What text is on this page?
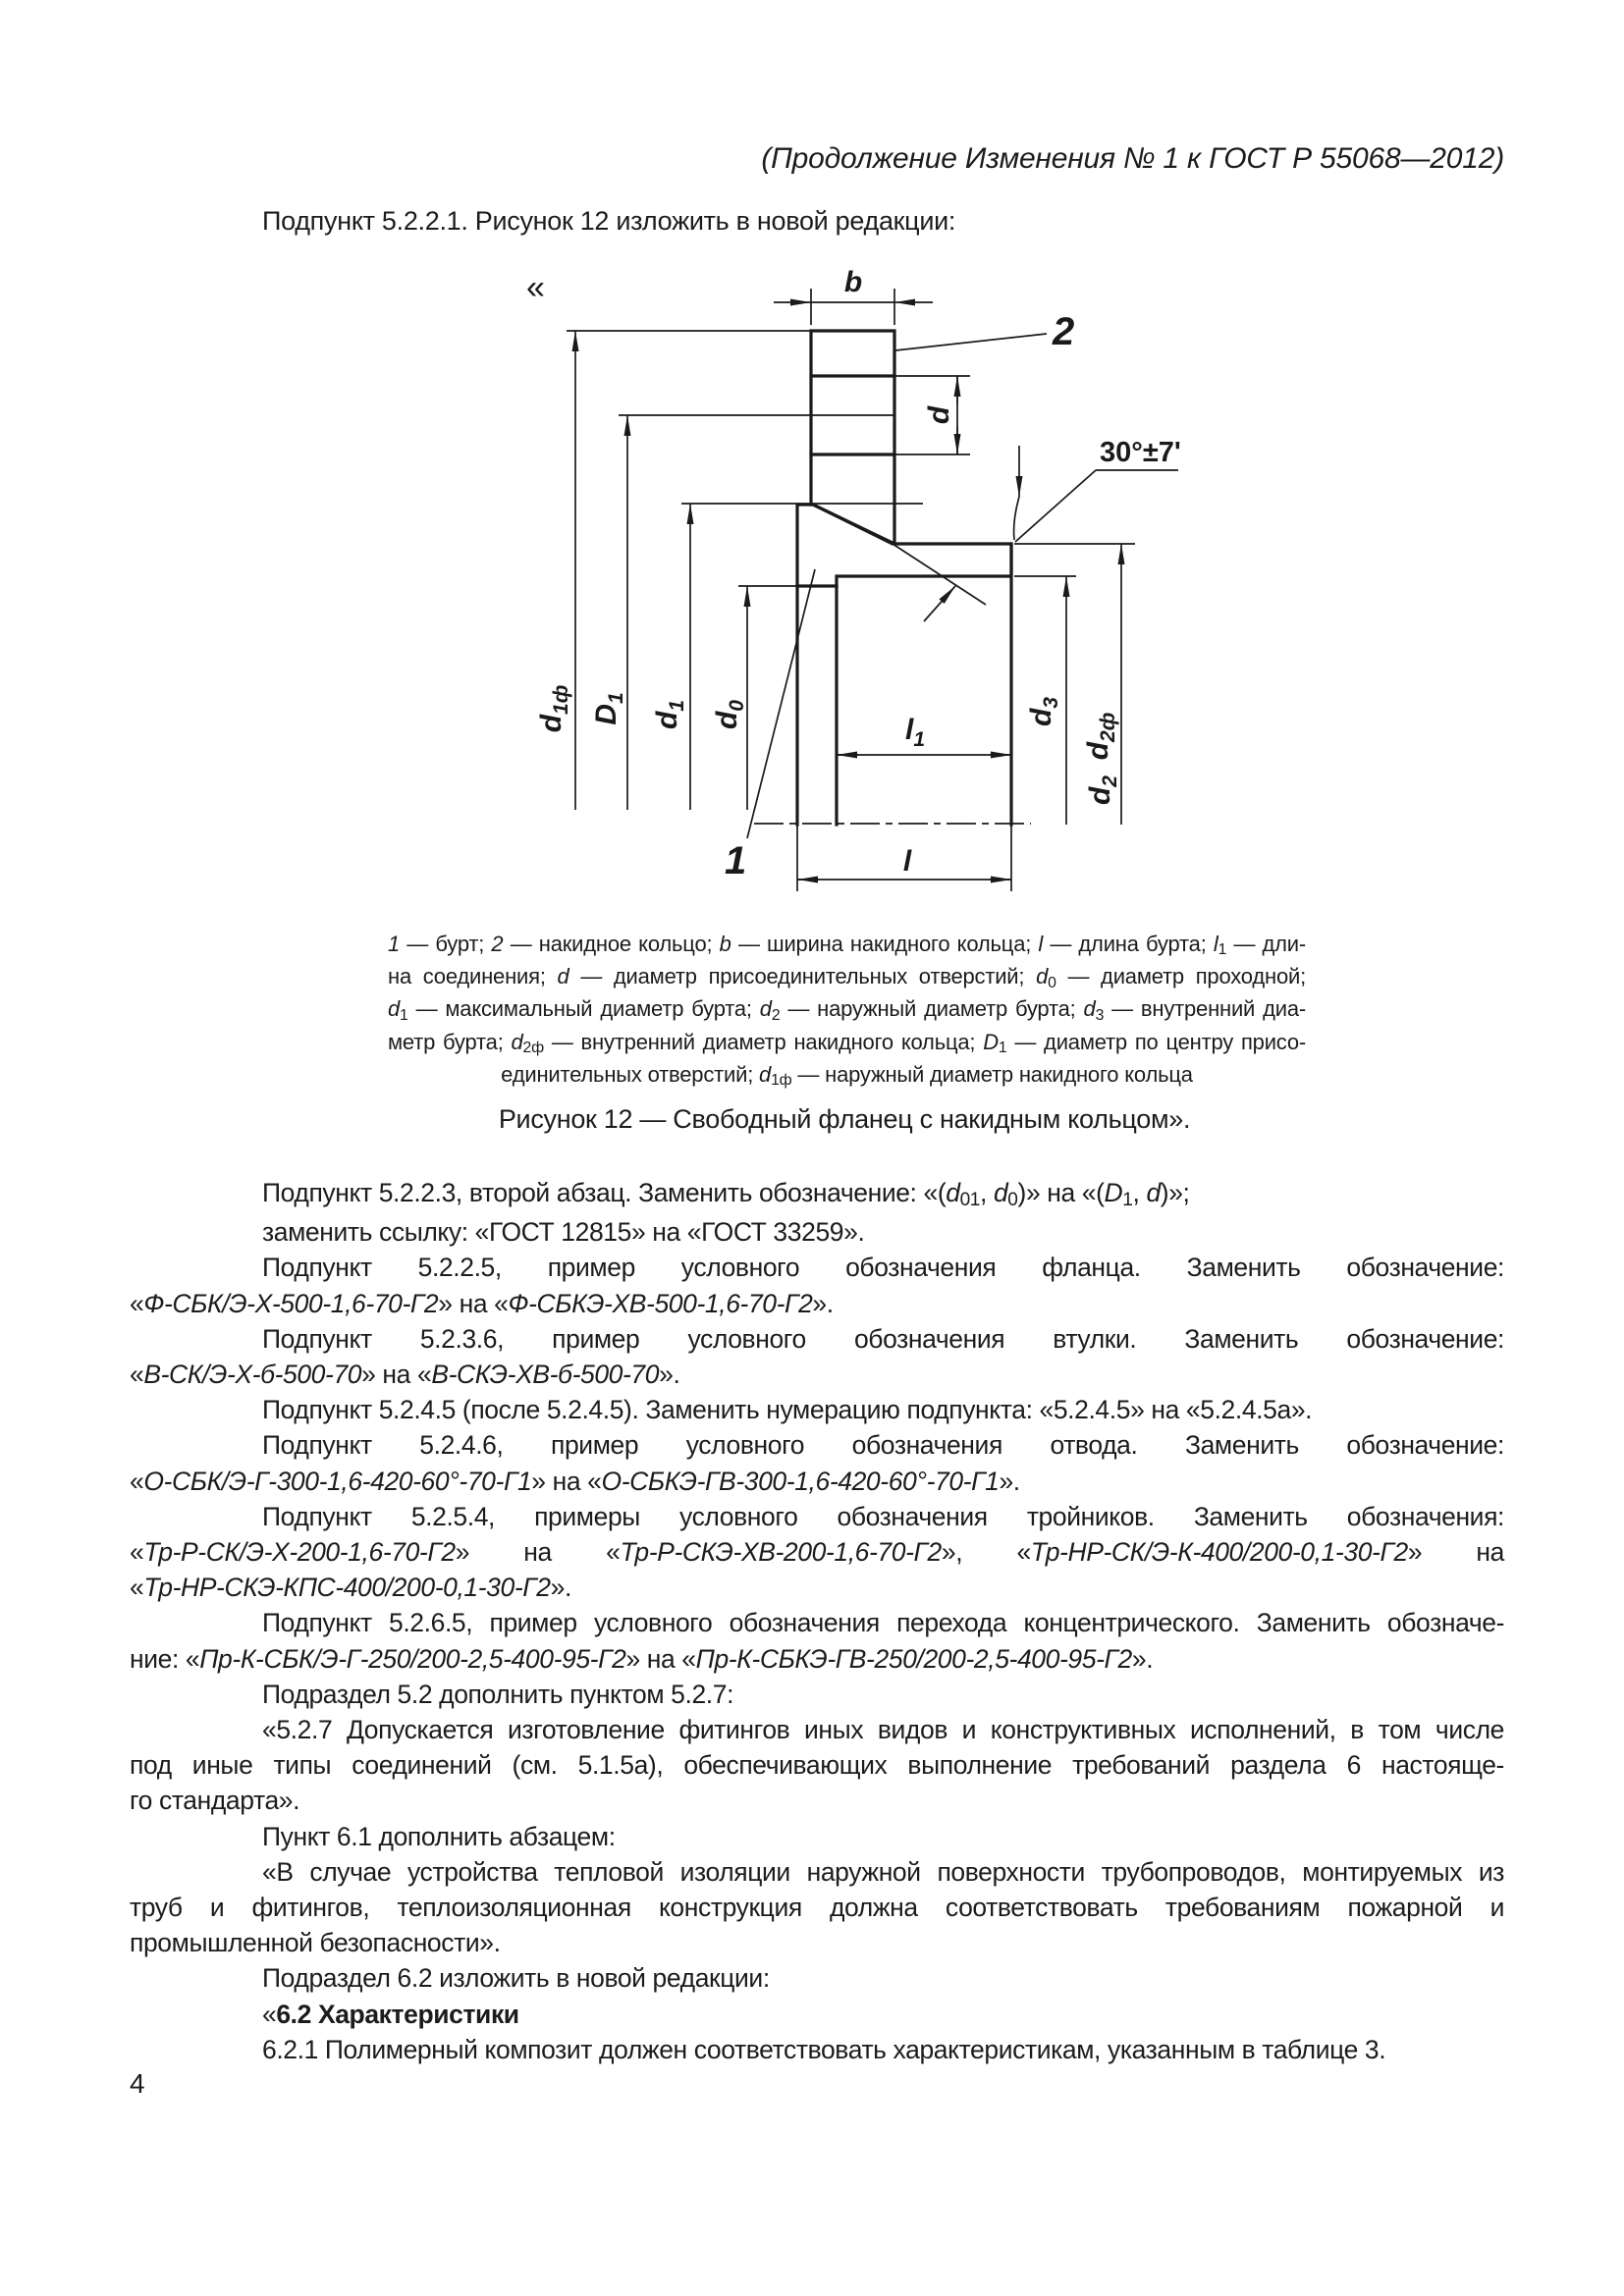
(Продолжение Изменения № 1 к ГОСТ Р 55068—2012)
Подпункт 5.2.2.1. Рисунок 12 изложить в новой редакции:
«	b
d
$d_{1ф}$ $D_1$
$d_1$
$d_0$
$d_3$
$d_{2ф}$
$d_2$
$l_1$
l
30°±7'
2
1
1 — бурт; 2 — накидное кольцо; b — ширина накидного кольца; l — длина бурта; l1 — дли-
на соединения; d — диаметр присоединительных отверстий; d0 — диаметр проходной;
d1 — максимальный диаметр бурта; d2 — наружный диаметр бурта; d3 — внутренний диа-
метр бурта; d2ф — внутренний диаметр накидного кольца; D1 — диаметр по центру присо-
единительных отверстий; d1ф — наружный диаметр накидного кольца
Рисунок 12 — Свободный фланец с накидным кольцом».
Подпункт 5.2.2.3, второй абзац. Заменить обозначение: «(d01, d0)» на «(D1, d)»;
заменить ссылку: «ГОСТ 12815» на «ГОСТ 33259».
Подпункт 5.2.2.5, пример условного обозначения фланца. Заменить обозначение:
«Ф-СБК/Э-Х-500-1,6-70-Г2» на «Ф-СБКЭ-ХВ-500-1,6-70-Г2».
Подпункт 5.2.3.6, пример условного обозначения втулки. Заменить обозначение:
«В-СК/Э-Х-б-500-70» на «В-СКЭ-ХВ-б-500-70».
Подпункт 5.2.4.5 (после 5.2.4.5). Заменить нумерацию подпункта: «5.2.4.5» на «5.2.4.5а».
Подпункт 5.2.4.6, пример условного обозначения отвода. Заменить обозначение:
«О-СБК/Э-Г-300-1,6-420-60°-70-Г1» на «О-СБКЭ-ГВ-300-1,6-420-60°-70-Г1».
Подпункт 5.2.5.4, примеры условного обозначения тройников. Заменить обозначения:
«Тр-Р-СК/Э-Х-200-1,6-70-Г2» на «Тр-Р-СКЭ-ХВ-200-1,6-70-Г2», «Тр-НР-СК/Э-К-400/200-0,1-30-Г2» на
«Тр-НР-СКЭ-КПС-400/200-0,1-30-Г2».
Подпункт 5.2.6.5, пример условного обозначения перехода концентрического. Заменить обозначе-
ние: «Пр-К-СБК/Э-Г-250/200-2,5-400-95-Г2» на «Пр-К-СБКЭ-ГВ-250/200-2,5-400-95-Г2».
Подраздел 5.2 дополнить пунктом 5.2.7:
«5.2.7 Допускается изготовление фитингов иных видов и конструктивных исполнений, в том числе
под иные типы соединений (см. 5.1.5а), обеспечивающих выполнение требований раздела 6 настояще-
го стандарта».
Пункт 6.1 дополнить абзацем:
«В случае устройства тепловой изоляции наружной поверхности трубопроводов, монтируемых из
труб и фитингов, теплоизоляционная конструкция должна соответствовать требованиям пожарной и
промышленной безопасности».
Подраздел 6.2 изложить в новой редакции:
«6.2 Характеристики
6.2.1 Полимерный композит должен соответствовать характеристикам, указанным в таблице 3.
4
